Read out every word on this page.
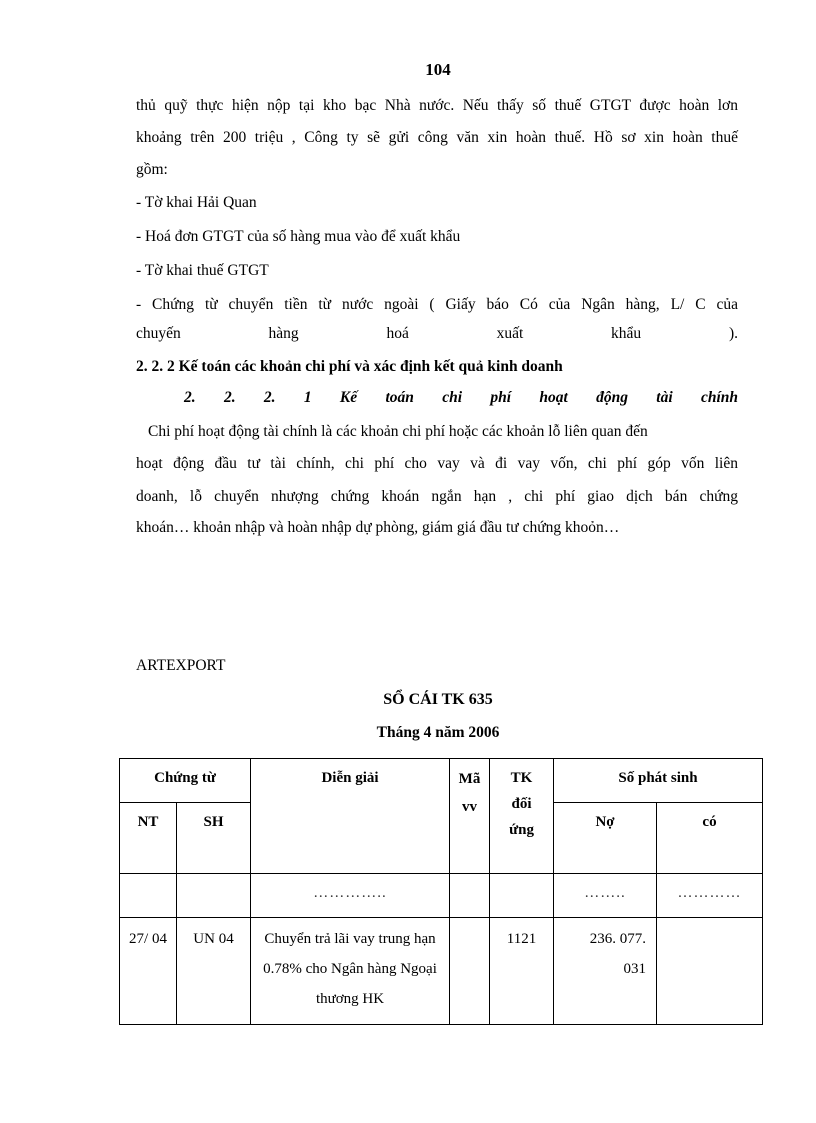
104
thủ quỹ thực hiện nộp tại kho bạc Nhà nước. Nếu thấy số thuế GTGT được hoàn lơn
khoảng trên 200 triệu , Công ty sẽ gửi công văn xin hoàn thuế. Hồ sơ xin hoàn thuế
gồm:
- Tờ khai Hải Quan
- Hoá đơn GTGT của số hàng mua vào để xuất khẩu
- Tờ khai thuế GTGT
- Chứng từ chuyển tiền từ nước ngoài ( Giấy báo Có của Ngân hàng, L/ C của
chuyến hàng hoá xuất khẩu ).
2. 2. 2 Kế toán các khoản chi phí và xác định kết quả kinh doanh
2. 2. 2. 1 Kế toán chi phí hoạt động tài chính
Chi phí hoạt động tài chính là các khoản chi phí hoặc các khoản lỗ liên quan đến
hoạt động đầu tư tài chính, chi phí cho vay và đi vay vốn, chi phí góp vốn liên
doanh, lỗ chuyển nhượng chứng khoán ngắn hạn , chi phí giao dịch bán chứng
khoán… khoản nhập và hoàn nhập dự phòng, giám giá đầu tư chứng khoỏn…
ARTEXPORT
SỔ CÁI TK 635
Tháng 4 năm 2006
Chứng từ		Diễn giải	Mã vv	TK đối ứng	Số phát sinh	
NT	SH				Nợ	có
		…………..			……..	…………
27/ 04	UN 04	Chuyển trả lãi vay trung hạn 0.78% cho Ngân hàng Ngoại thương HK		1121	236. 077. 031	
